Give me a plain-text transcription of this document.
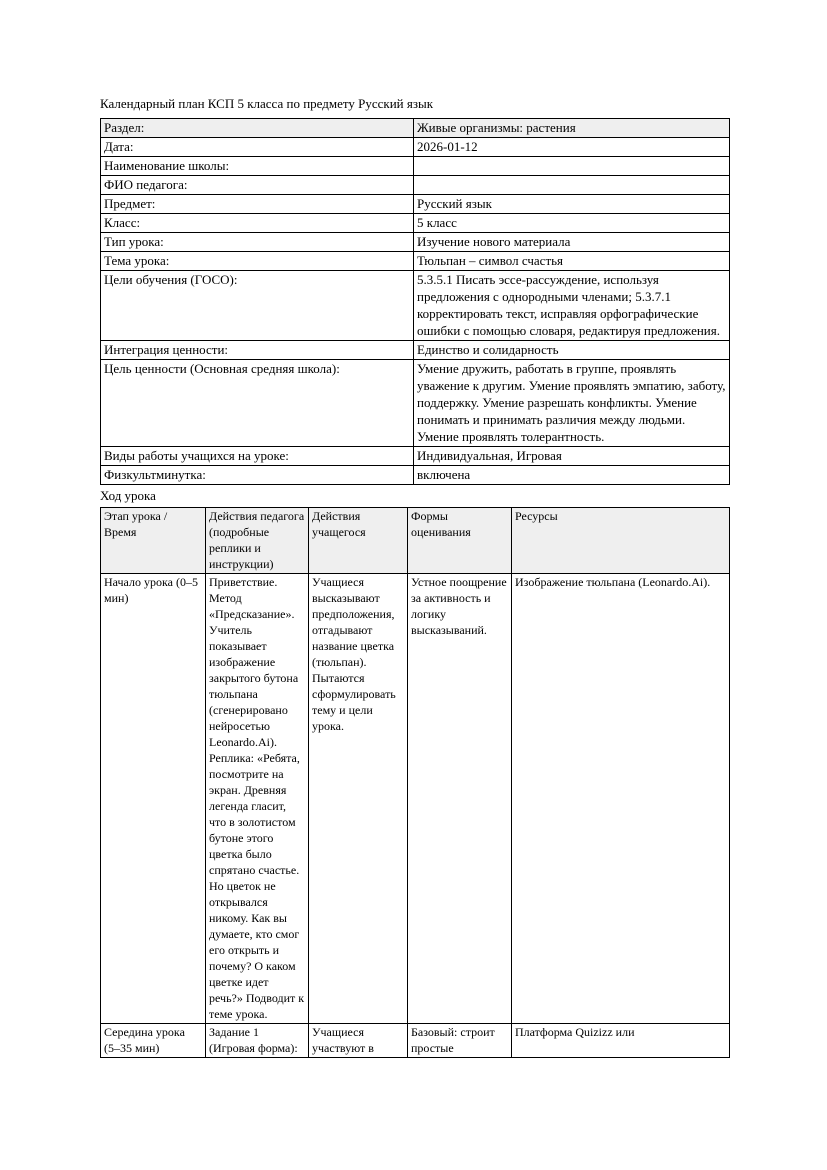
Календарный план КСП 5 класса по предмету Русский язык
Раздел:	Живые организмы: растения
Дата:	2026-01-12
Наименование школы:	
ФИО педагога:	
Предмет:	Русский язык
Класс:	5 класс
Тип урока:	Изучение нового материала
Тема урока:	Тюльпан – символ счастья
Цели обучения (ГОСО):	5.3.5.1 Писать эссе-рассуждение, используя предложения с однородными членами; 5.3.7.1 корректировать текст, исправляя орфографические ошибки с помощью словаря, редактируя предложения.
Интеграция ценности:	Единство и солидарность
Цель ценности (Основная средняя школа):	Умение дружить, работать в группе, проявлять уважение к другим. Умение проявлять эмпатию, заботу, поддержку. Умение разрешать конфликты. Умение понимать и принимать различия между людьми. Умение проявлять толерантность.
Виды работы учащихся на уроке:	Индивидуальная, Игровая
Физкультминутка:	включена
Ход урока
Этап урока / Время	Действия педагога (подробные реплики и инструкции)	Действия учащегося	Формы оценивания	Ресурсы
Начало урока (0–5 мин)	Приветствие. Метод «Предсказание». Учитель показывает изображение закрытого бутона тюльпана (сгенерировано нейросетью Leonardo.Ai). Реплика: «Ребята, посмотрите на экран. Древняя легенда гласит, что в золотистом бутоне этого цветка было спрятано счастье. Но цветок не открывался никому. Как вы думаете, кто смог его открыть и почему? О каком цветке идет речь?» Подводит к теме урока.	Учащиеся высказывают предположения, отгадывают название цветка (тюльпан). Пытаются сформулировать тему и цели урока.	Устное поощрение за активность и логику высказываний.	Изображение тюльпана (Leonardo.Ai).

Середина урока (5–35 мин)	Задание 1 (Игровая форма):	Учащиеся участвуют в	Базовый: строит простые	Платформа Quizizz или
